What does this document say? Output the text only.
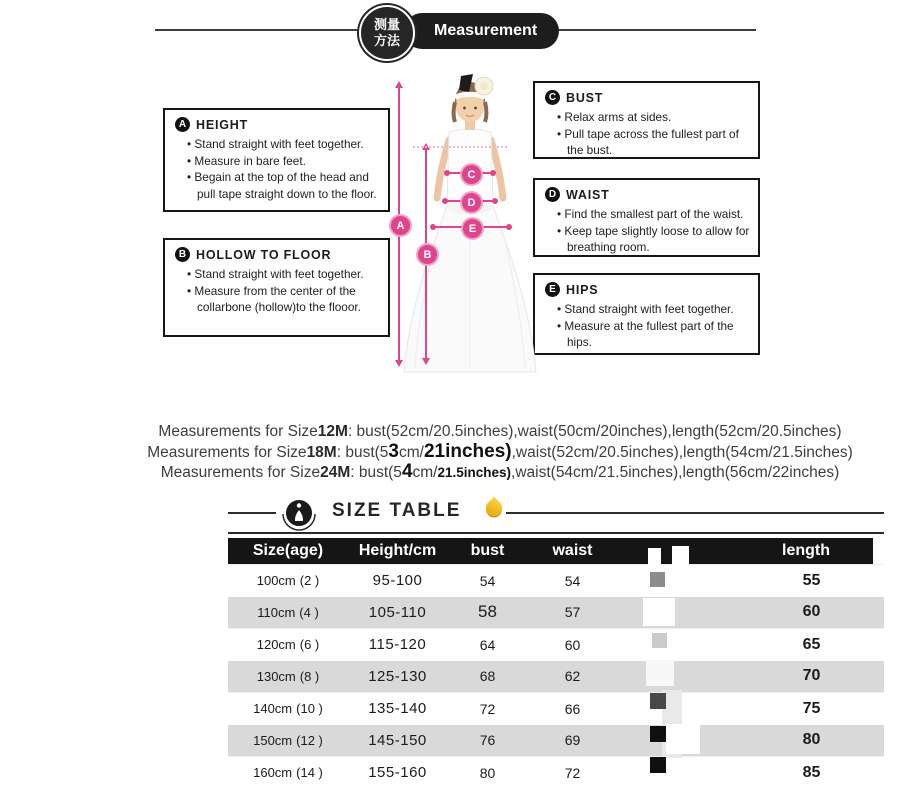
测量
方法
Measurement
A HEIGHT

• Stand straight with feet together.

• Measure in bare feet.

• Begain at the top of the head and pull tape straight down to the floor.

B HOLLOW TO FLOOR

• Stand straight with feet together.

• Measure from the center of the collarbone (hollow)to the flooor.

C BUST

• Relax arms at sides.

• Pull tape across the fullest part of the bust.

D WAIST

• Find the smallest part of the waist.

• Keep tape slightly loose to allow for breathing room.

E HIPS

• Stand straight with feet together.

• Measure at the fullest part of the hips.

A
B
C
D
E
Measurements for Size12M: bust(52cm/20.5inches),waist(50cm/20inches),length(52cm/20.5inches)
Measurements for Size18M: bust(53cm/21inches),waist(52cm/20.5inches),length(54cm/21.5inches)
Measurements for Size24M: bust(54cm/21.5inches),waist(54cm/21.5inches),length(56cm/22inches)
SIZE TABLE
Size(age)	Height/cm	bust	waist	length
100cm (2 )	95-100	54	54	55
110cm (4 )	105-110	58	57	60
120cm (6 )	115-120	64	60	65
130cm (8 )	125-130	68	62	70
140cm (10 )	135-140	72	66	75
150cm (12 )	145-150	76	69	80
160cm (14 )	155-160	80	72	85
